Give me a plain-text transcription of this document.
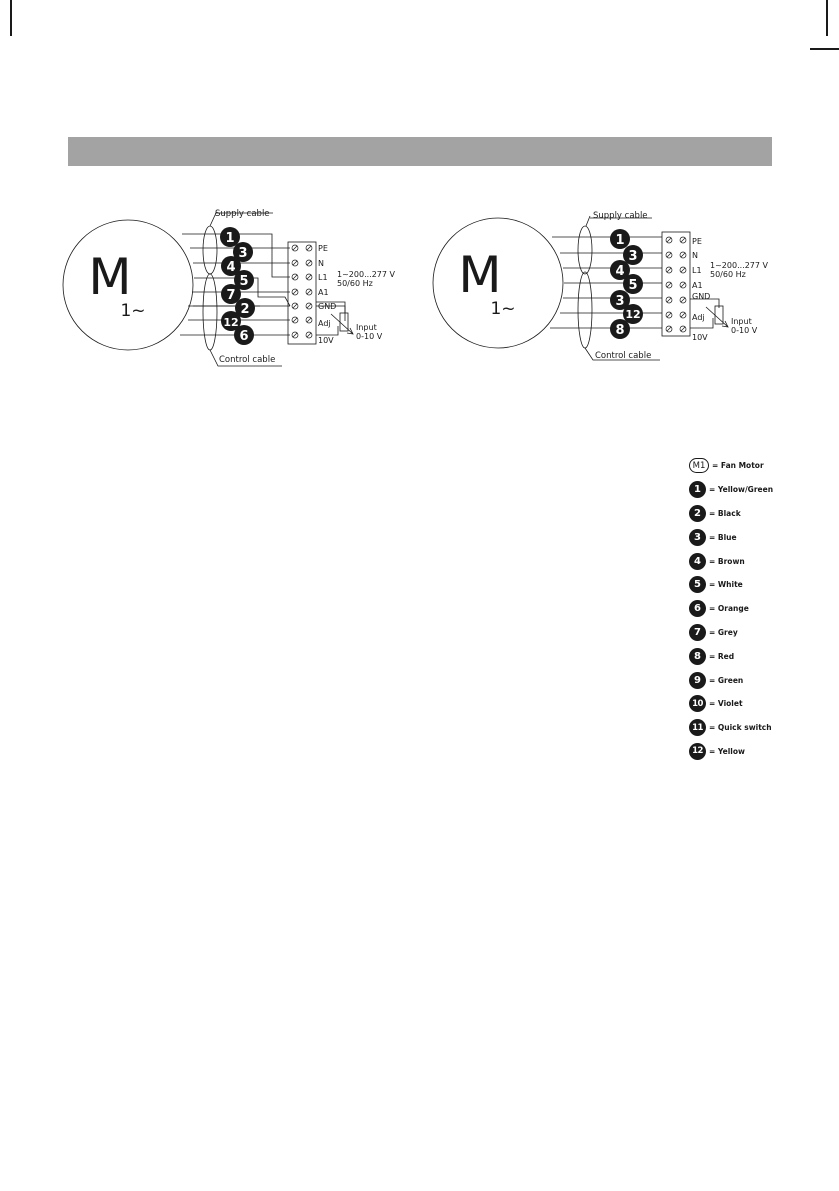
1
3
4
5
7
12
2
6
M
1~
Supply cable
Control cable
PE
N
L1
A1
GND
Adj
10V
1~200...277 V
50/60 Hz
Input
0-10 V
1
3
4
5
3
12
8
M
1~
Supply cable
Control cable
PE
N
L1
A1
GND
Adj
10V
1~200...277 V
50/60 Hz
Input
0-10 V
M1 = Fan Motor
1	= Yellow/Green
2	= Black
3	= Blue
4	= Brown
5	= White
6	= Orange
7	= Grey
8	= Red
9	= Green
10 = Violet
11 = Quick switch
12 = Yellow
